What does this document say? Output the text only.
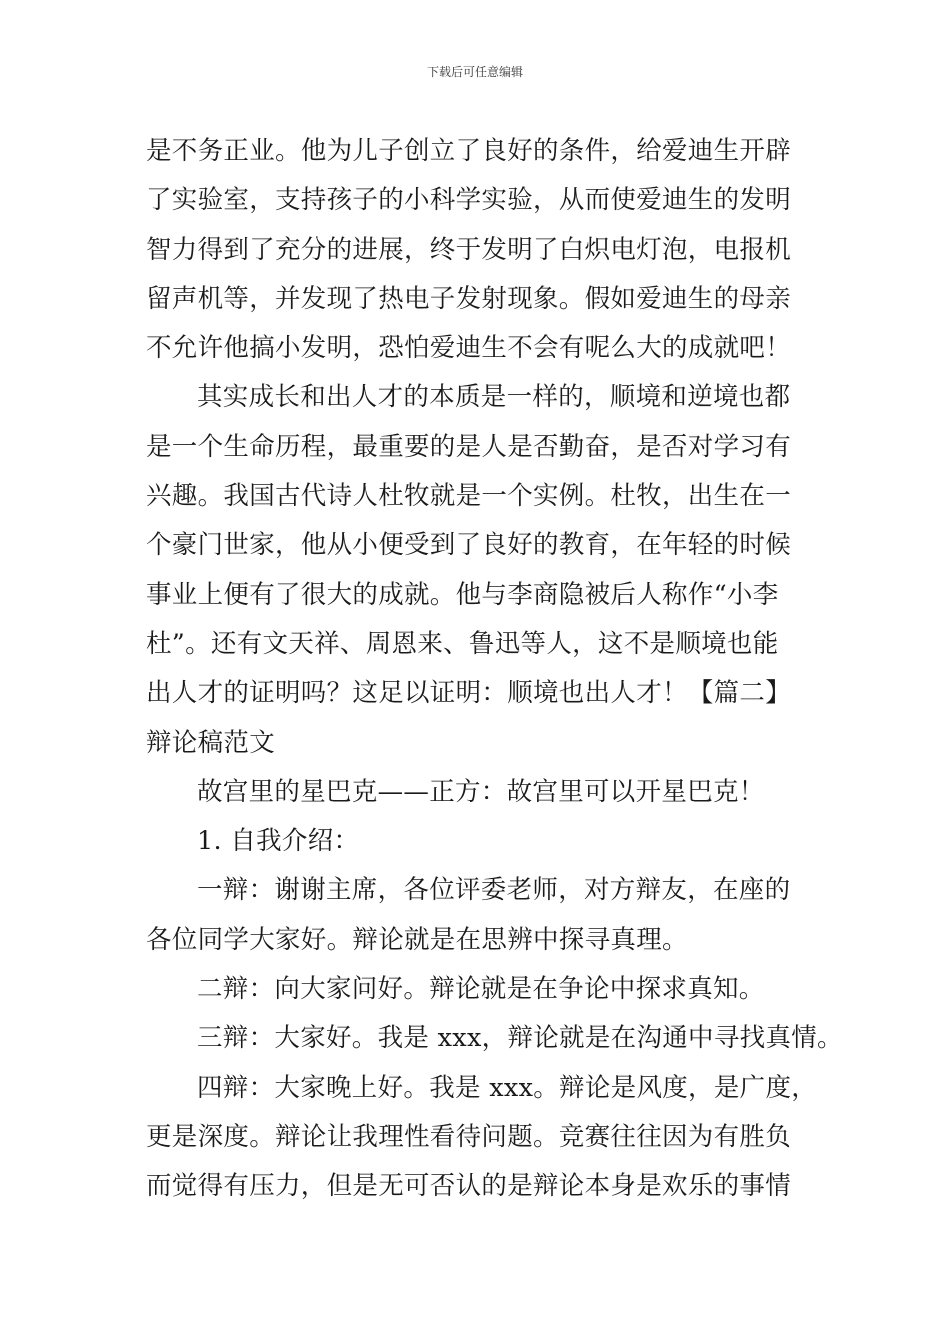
下载后可任意编辑
是不务正业。他为儿子创立了良好的条件，给爱迪生开辟
了实验室，支持孩子的小科学实验，从而使爱迪生的发明
智力得到了充分的进展，终于发明了白炽电灯泡，电报机
留声机等，并发现了热电子发射现象。假如爱迪生的母亲
不允许他搞小发明，恐怕爱迪生不会有呢么大的成就吧！
其实成长和出人才的本质是一样的，顺境和逆境也都
是一个生命历程，最重要的是人是否勤奋，是否对学习有
兴趣。我国古代诗人杜牧就是一个实例。杜牧，出生在一
个豪门世家，他从小便受到了良好的教育，在年轻的时候
事业上便有了很大的成就。他与李商隐被后人称作“小李
杜”。还有文天祥、周恩来、鲁迅等人，这不是顺境也能
出人才的证明吗？这足以证明：顺境也出人才！【篇二】
辩论稿范文
故宫里的星巴克——正方：故宫里可以开星巴克！
1. 自我介绍：
一辩：谢谢主席，各位评委老师，对方辩友，在座的
各位同学大家好。辩论就是在思辨中探寻真理。
二辩：向大家问好。辩论就是在争论中探求真知。
三辩：大家好。我是 xxx，辩论就是在沟通中寻找真情。
四辩：大家晚上好。我是 xxx。辩论是风度，是广度，
更是深度。辩论让我理性看待问题。竞赛往往因为有胜负
而觉得有压力，但是无可否认的是辩论本身是欢乐的事情
